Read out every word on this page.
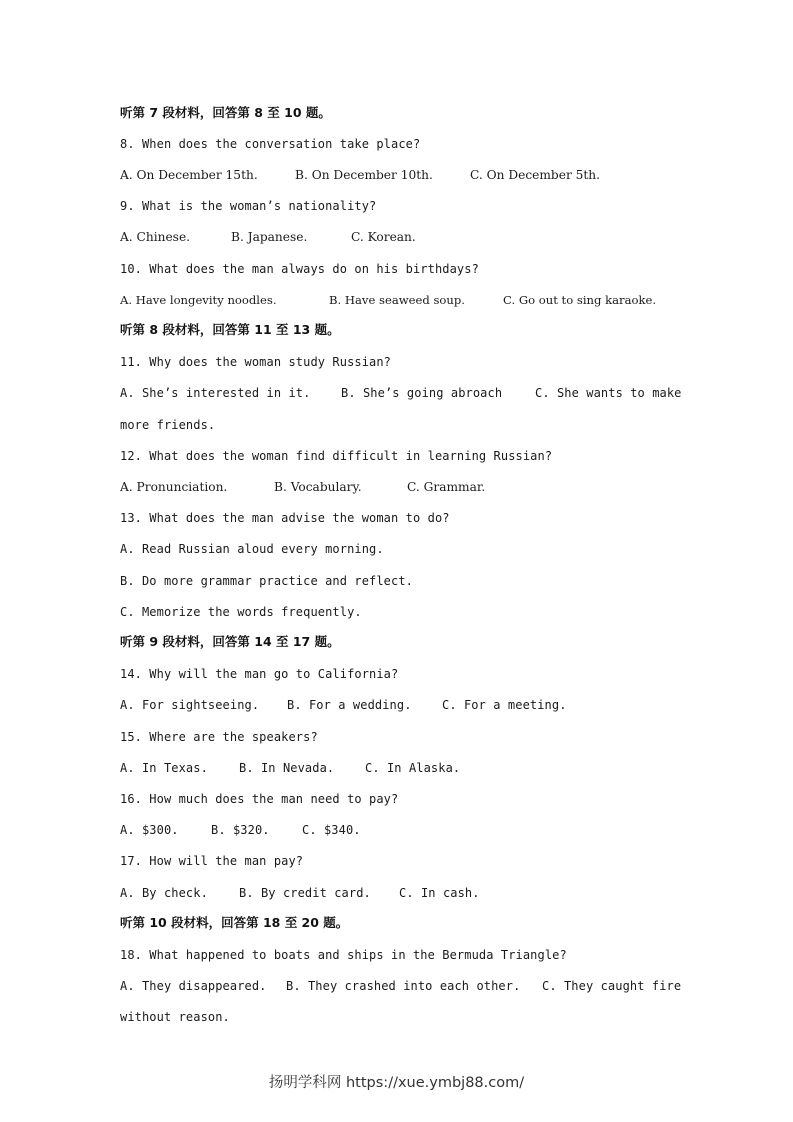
听第 7 段材料，回答第 8 至 10 题。
8. When does the conversation take place?
A. On December 15th.	B. On December 10th.	C. On December 5th.
9. What is the woman’s nationality?
A. Chinese.	B. Japanese.	C. Korean.
10. What does the man always do on his birthdays?
A. Have longevity noodles.	B. Have seaweed soup.	C. Go out to sing karaoke.
听第 8 段材料，回答第 11 至 13 题。
11. Why does the woman study Russian?
A. She’s interested in it.	B. She’s going abroach	C. She wants to make
more friends.
12. What does the woman find difficult in learning Russian?
A. Pronunciation.	B. Vocabulary.	C. Grammar.
13. What does the man advise the woman to do?
A. Read Russian aloud every morning.
B. Do more grammar practice and reflect.
C. Memorize the words frequently.
听第 9 段材料，回答第 14 至 17 题。
14. Why will the man go to California?
A. For sightseeing. B. For a wedding.	C. For a meeting.
15. Where are the speakers?
A. In Texas.	B. In Nevada.	C. In Alaska.
16. How much does the man need to pay?
A. $300.	B. $320.	C. $340.
17. How will the man pay?
A. By check.	B. By credit card. C. In cash.
听第 10 段材料，回答第 18 至 20 题。
18. What happened to boats and ships in the Bermuda Triangle?
A. They disappeared. B. They crashed into each other. C. They caught fire
without reason.
扬明学科网 https://xue.ymbj88.com/
